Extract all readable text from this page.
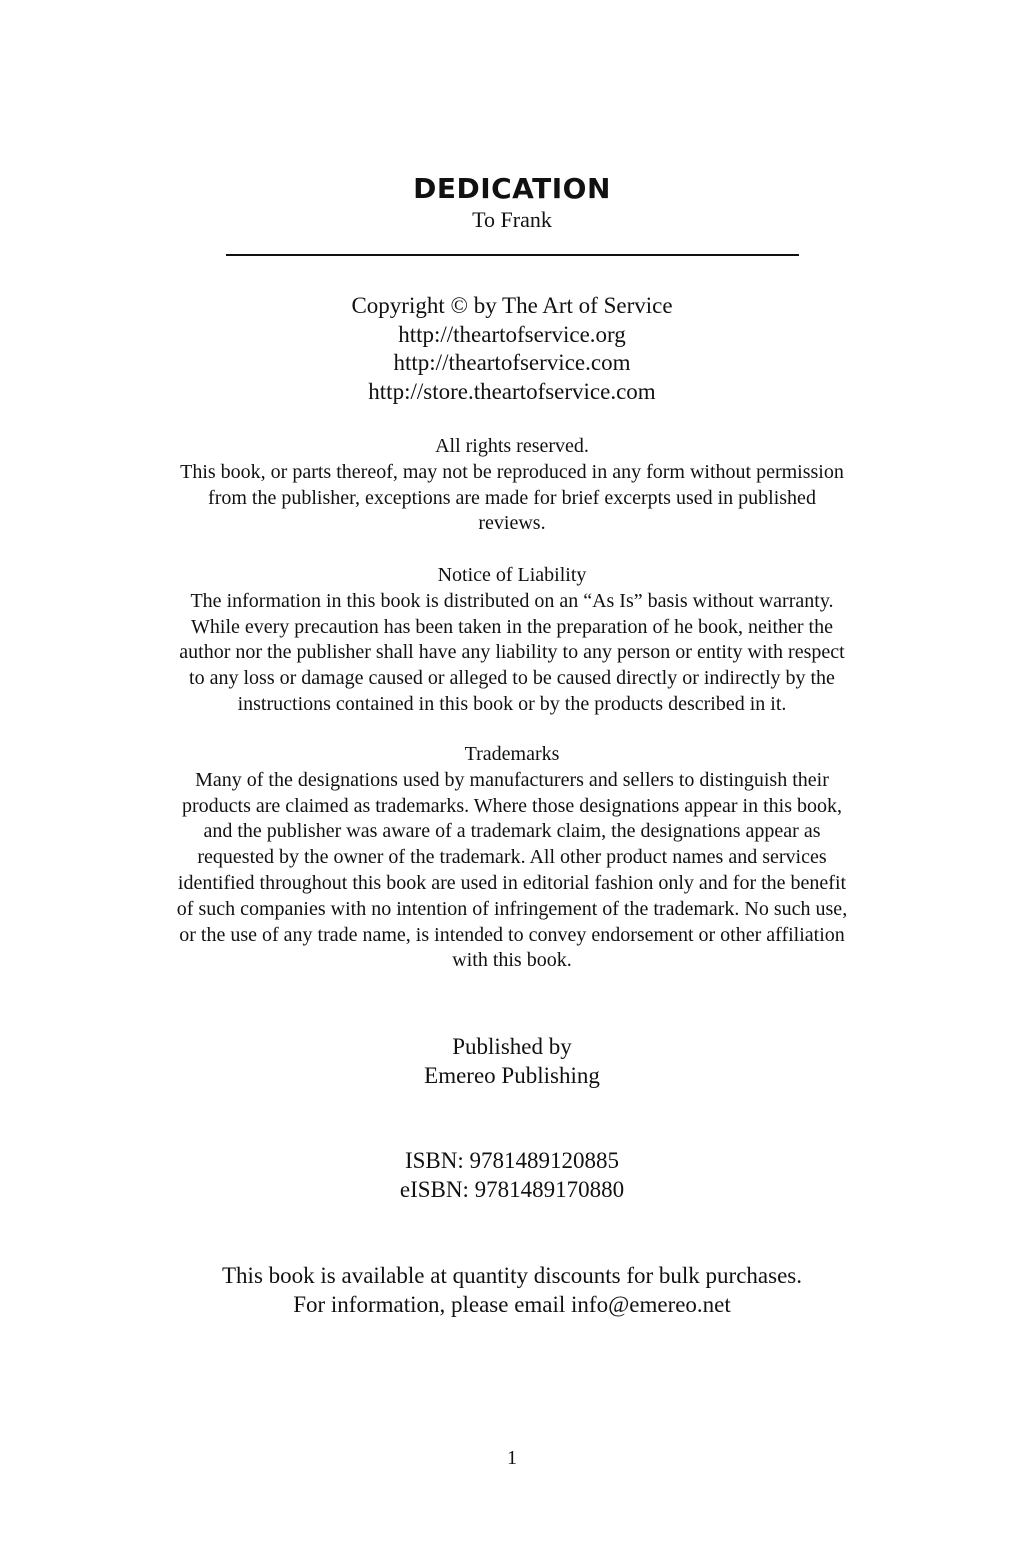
DEDICATION
To Frank
Copyright © by The Art of Service
http://theartofservice.org
http://theartofservice.com
http://store.theartofservice.com
All rights reserved.
This book, or parts thereof, may not be reproduced in any form without permission
from the publisher, exceptions are made for brief excerpts used in published
reviews.
Notice of Liability
The information in this book is distributed on an “As Is” basis without warranty.
While every precaution has been taken in the preparation of he book, neither the
author nor the publisher shall have any liability to any person or entity with respect
to any loss or damage caused or alleged to be caused directly or indirectly by the
instructions contained in this book or by the products described in it.
Trademarks
Many of the designations used by manufacturers and sellers to distinguish their
products are claimed as trademarks. Where those designations appear in this book,
and the publisher was aware of a trademark claim, the designations appear as
requested by the owner of the trademark. All other product names and services
identified throughout this book are used in editorial fashion only and for the benefit
of such companies with no intention of infringement of the trademark. No such use,
or the use of any trade name, is intended to convey endorsement or other affiliation
with this book.
Published by
Emereo Publishing
ISBN: 9781489120885
eISBN: 9781489170880
This book is available at quantity discounts for bulk purchases.
For information, please email info@emereo.net
1
